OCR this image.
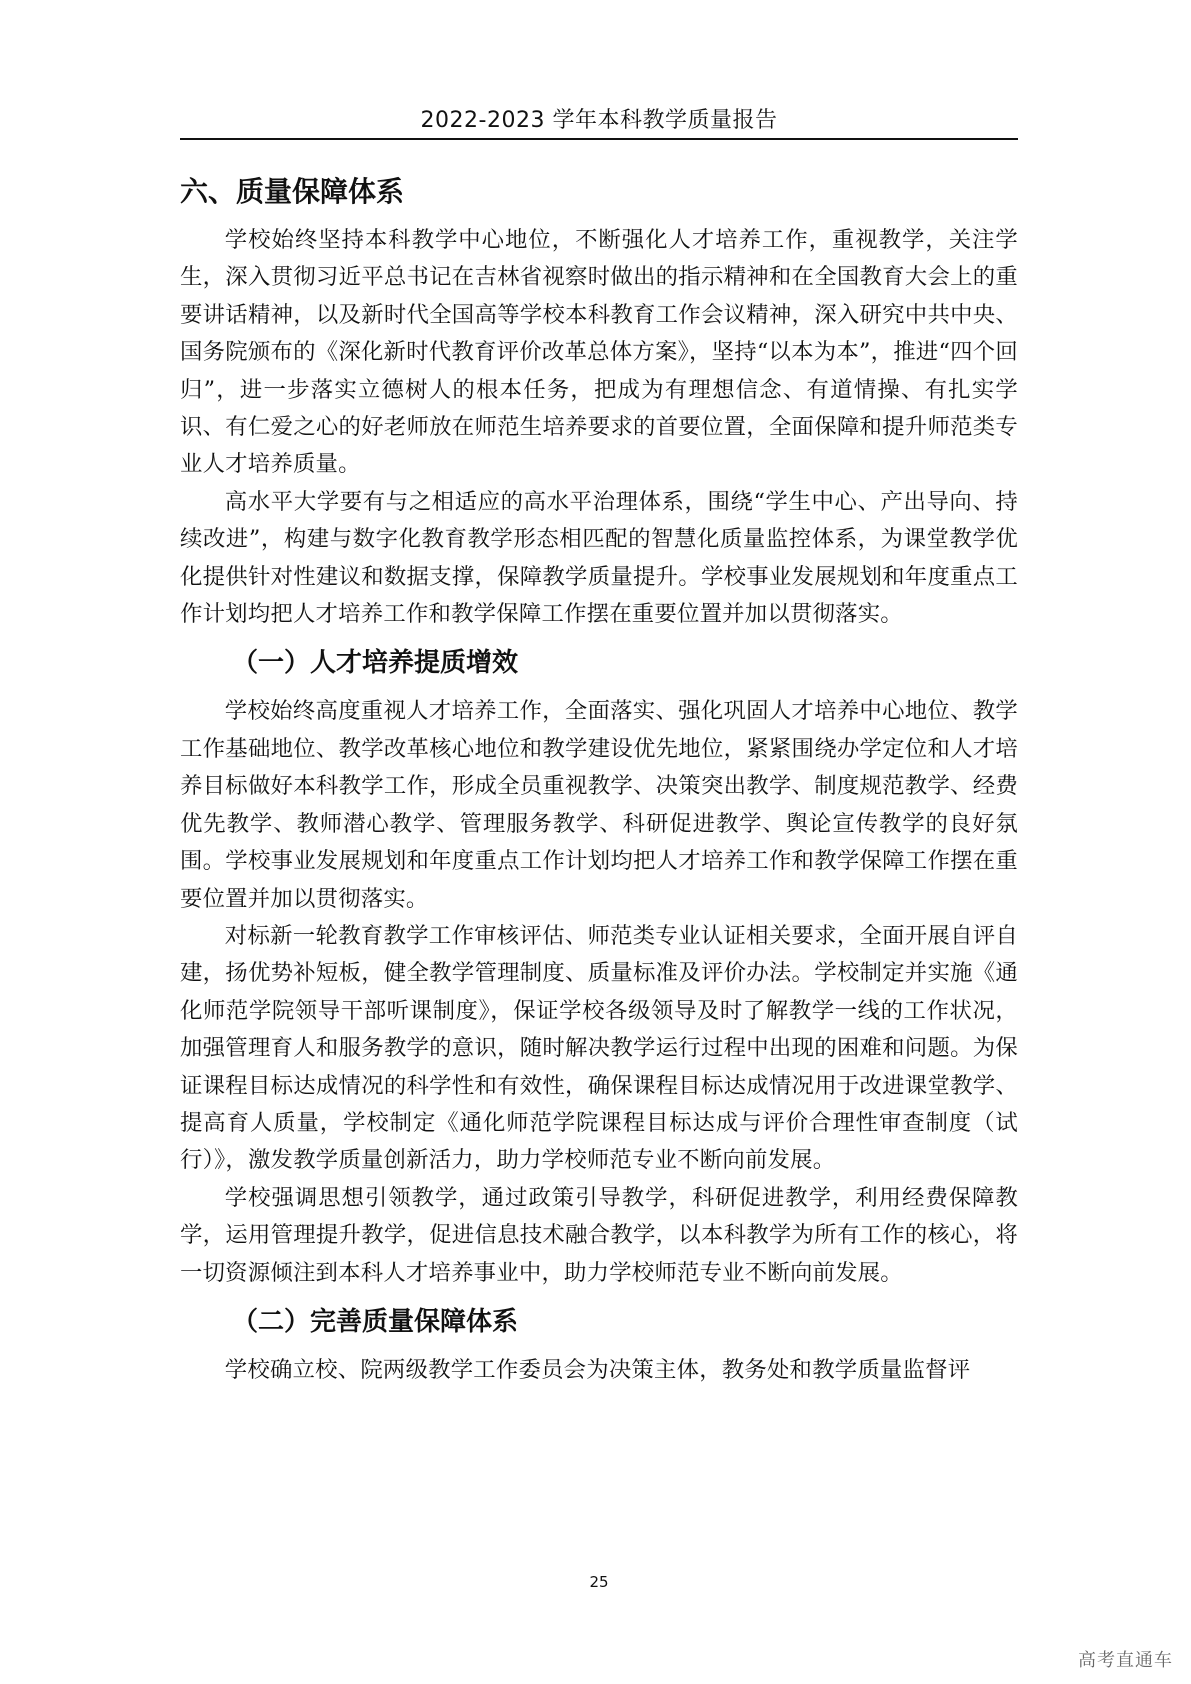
2022-2023 学年本科教学质量报告
六、质量保障体系

学校始终坚持本科教学中心地位，不断强化人才培养工作，重视教学，关注学生，深入贯彻习近平总书记在吉林省视察时做出的指示精神和在全国教育大会上的重要讲话精神，以及新时代全国高等学校本科教育工作会议精神，深入研究中共中央、国务院颁布的《深化新时代教育评价改革总体方案》，坚持“以本为本”，推进“四个回归”，进一步落实立德树人的根本任务，把成为有理想信念、有道情操、有扎实学识、有仁爱之心的好老师放在师范生培养要求的首要位置，全面保障和提升师范类专业人才培养质量。

高水平大学要有与之相适应的高水平治理体系，围绕“学生中心、产出导向、持续改进”，构建与数字化教育教学形态相匹配的智慧化质量监控体系，为课堂教学优化提供针对性建议和数据支撑，保障教学质量提升。学校事业发展规划和年度重点工作计划均把人才培养工作和教学保障工作摆在重要位置并加以贯彻落实。

（一）人才培养提质增效

学校始终高度重视人才培养工作，全面落实、强化巩固人才培养中心地位、教学工作基础地位、教学改革核心地位和教学建设优先地位，紧紧围绕办学定位和人才培养目标做好本科教学工作，形成全员重视教学、决策突出教学、制度规范教学、经费优先教学、教师潜心教学、管理服务教学、科研促进教学、舆论宣传教学的良好氛围。学校事业发展规划和年度重点工作计划均把人才培养工作和教学保障工作摆在重要位置并加以贯彻落实。

对标新一轮教育教学工作审核评估、师范类专业认证相关要求，全面开展自评自建，扬优势补短板，健全教学管理制度、质量标准及评价办法。学校制定并实施《通化师范学院领导干部听课制度》，保证学校各级领导及时了解教学一线的工作状况，加强管理育人和服务教学的意识，随时解决教学运行过程中出现的困难和问题。为保证课程目标达成情况的科学性和有效性，确保课程目标达成情况用于改进课堂教学、提高育人质量，学校制定《通化师范学院课程目标达成与评价合理性审查制度（试行）》，激发教学质量创新活力，助力学校师范专业不断向前发展。

学校强调思想引领教学，通过政策引导教学，科研促进教学，利用经费保障教学，运用管理提升教学，促进信息技术融合教学，以本科教学为所有工作的核心，将一切资源倾注到本科人才培养事业中，助力学校师范专业不断向前发展。

（二）完善质量保障体系

学校确立校、院两级教学工作委员会为决策主体，教务处和教学质量监督评

25
高考直通车
